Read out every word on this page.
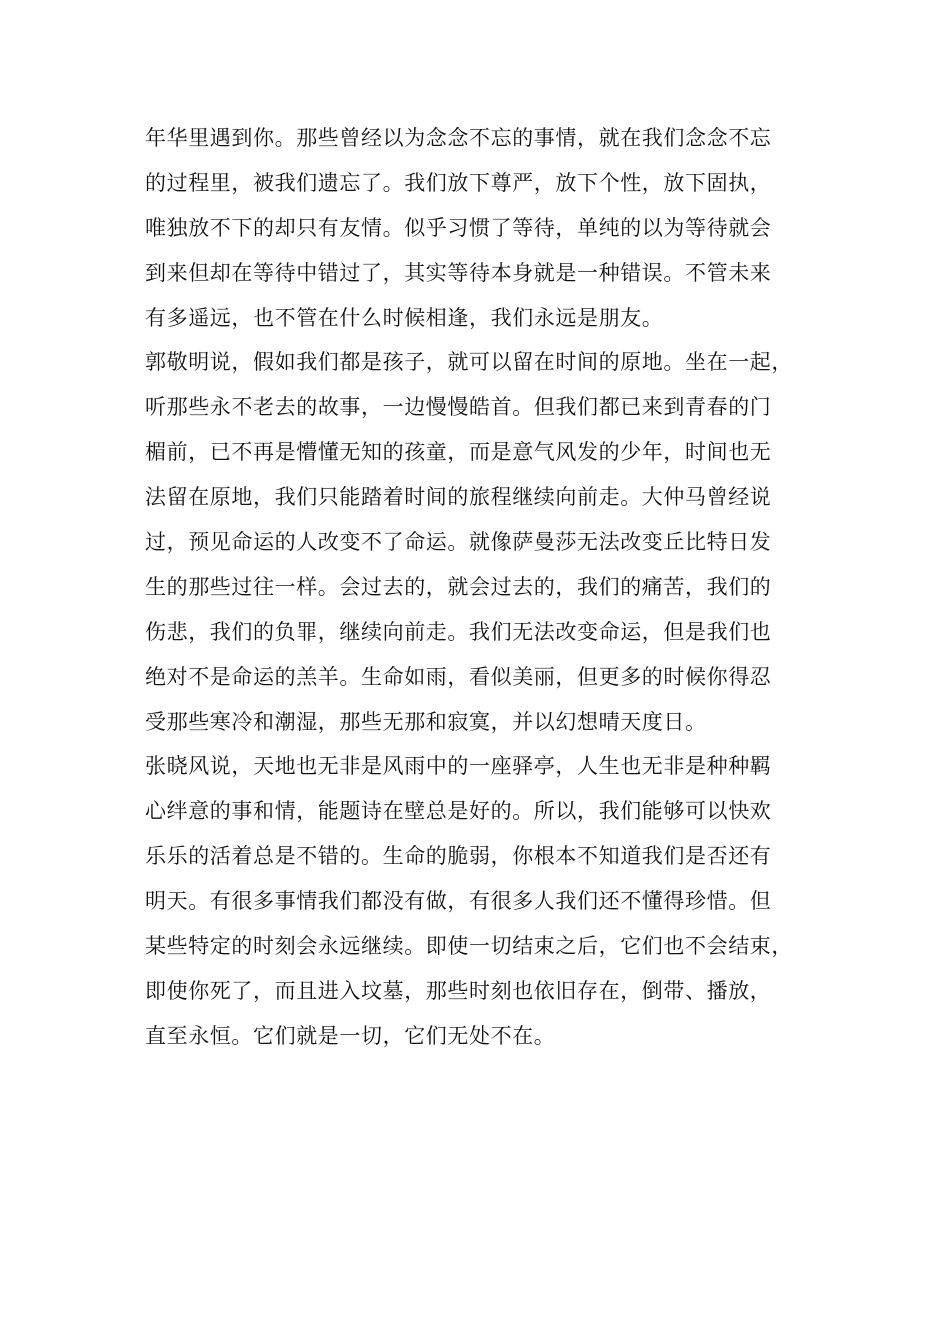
年华里遇到你。那些曾经以为念念不忘的事情，就在我们念念不忘
的过程里，被我们遗忘了。我们放下尊严，放下个性，放下固执，
唯独放不下的却只有友情。似乎习惯了等待，单纯的以为等待就会
到来但却在等待中错过了，其实等待本身就是一种错误。不管未来
有多遥远，也不管在什么时候相逢，我们永远是朋友。
郭敬明说，假如我们都是孩子，就可以留在时间的原地。坐在一起，
听那些永不老去的故事，一边慢慢皓首。但我们都已来到青春的门
楣前，已不再是懵懂无知的孩童，而是意气风发的少年，时间也无
法留在原地，我们只能踏着时间的旅程继续向前走。大仲马曾经说
过，预见命运的人改变不了命运。就像萨曼莎无法改变丘比特日发
生的那些过往一样。会过去的，就会过去的，我们的痛苦，我们的
伤悲，我们的负罪，继续向前走。我们无法改变命运，但是我们也
绝对不是命运的羔羊。生命如雨，看似美丽，但更多的时候你得忍
受那些寒冷和潮湿，那些无那和寂寞，并以幻想晴天度日。
张晓风说，天地也无非是风雨中的一座驿亭，人生也无非是种种羁
心绊意的事和情，能题诗在壁总是好的。所以，我们能够可以快欢
乐乐的活着总是不错的。生命的脆弱，你根本不知道我们是否还有
明天。有很多事情我们都没有做，有很多人我们还不懂得珍惜。但
某些特定的时刻会永远继续。即使一切结束之后，它们也不会结束，
即使你死了，而且进入坟墓，那些时刻也依旧存在，倒带、播放，
直至永恒。它们就是一切，它们无处不在。
